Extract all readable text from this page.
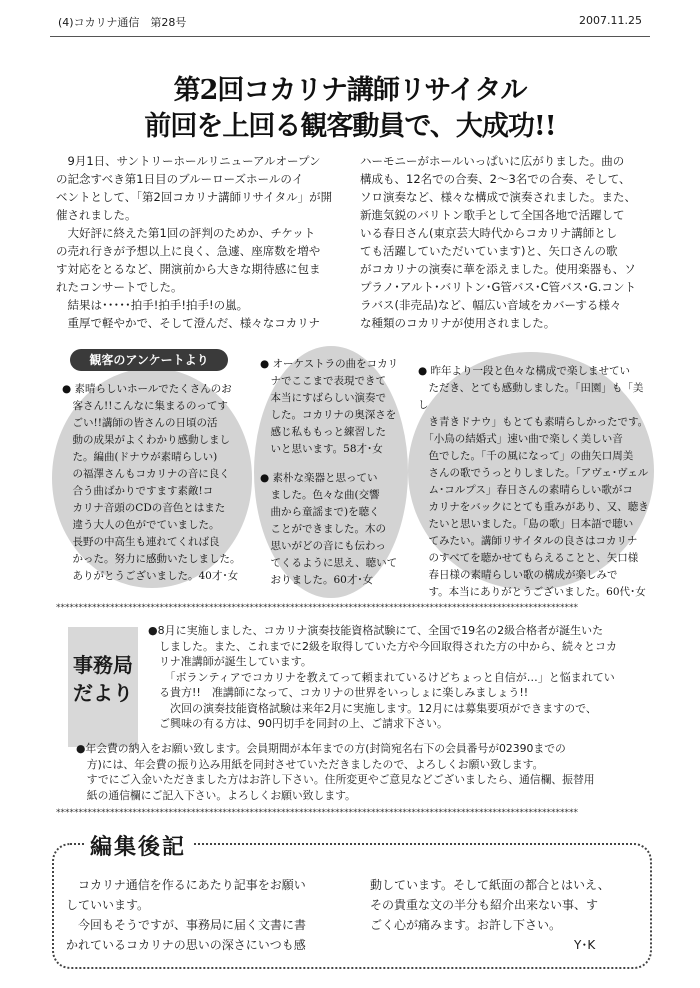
(4)コカリナ通信　第28号	2007.11.25
第2回コカリナ講師リサイタル
前回を上回る観客動員で、大成功!!

　9月1日、サントリーホールリニューアルオープン

の記念すべき第1日目のブルーローズホールのイ

ベントとして、「第2回コカリナ講師リサイタル」が開

催されました。

　大好評に終えた第1回の評判のためか、チケット

の売れ行きが予想以上に良く、急遽、座席数を増や

す対応をとるなど、開演前から大きな期待感に包ま

れたコンサートでした。

　結果は･････拍手!拍手!拍手!の嵐。

　重厚で軽やかで、そして澄んだ、様々なコカリナ

ハーモニーがホールいっぱいに広がりました。曲の

構成も、12名での合奏、2～3名での合奏、そして、

ソロ演奏など、様々な構成で演奏されました。また、

新進気鋭のバリトン歌手として全国各地で活躍して

いる春日さん(東京芸大時代からコカリナ講師とし

ても活躍していただいています)と、矢口さんの歌

がコカリナの演奏に華を添えました。使用楽器も、ソ

プラノ･アルト･バリトン･G管バス･C管バス･G.コント

ラバス(非売品)など、幅広い音域をカバーする様々

な種類のコカリナが使用されました。

観客のアンケートより
● 素晴らしいホールでたくさんのお
　客さん!!こんなに集まるのってす
　ごい!!講師の皆さんの日頃の活
　動の成果がよくわかり感動しまし
　た。編曲(ドナウが素晴らしい)
　の福澤さんもコカリナの音に良く
　合う曲ばかりですます素敵!コ
　カリナ音頭のCDの音色とはまた
　違う大人の色がでていました。
　長野の中高生も連れてくれば良
　かった。努力に感動いたしました。
　ありがとうございました。40才･女
● オーケストラの曲をコカリ
　ナでここまで表現できて
　本当にすばらしい演奏で
　した。コカリナの奥深さを
　感じ私ももっと練習した
　いと思います。58才･女
● 素朴な楽器と思ってい
　ました。色々な曲(交響
　曲から童謡まで)を聴く
　ことができました。木の
　思いがどの音にも伝わっ
　てくるように思え、聴いて
　おりました。60才･女
● 昨年より一段と色々な構成で楽しませてい
　ただき、とても感動しました。「田園」も「美し
　き青きドナウ」もとても素晴らしかったです。
　「小鳥の結婚式」速い曲で楽しく美しい音
　色でした。「千の風になって」の曲矢口周美
　さんの歌でうっとりしました。「アヴェ･ヴェル
　ム･コルプス」春日さんの素晴らしい歌がコ
　カリナをバックにとても重みがあり、又、聴き
　たいと思いました。「島の歌」日本語で聴い
　てみたい。講師リサイタルの良さはコカリナ
　のすべてを聴かせてもらえることと、矢口様
　春日様の素晴らしい歌の構成が楽しみで
　す。本当にありがとうございました。60代･女
********************************************************************************************************************
事務局
だより
●8月に実施しました、コカリナ演奏技能資格試験にて、全国で19名の2級合格者が誕生いた
　しました。また、これまでに2級を取得していた方や今回取得された方の中から、続々とコカ
　リナ准講師が誕生しています。
　　「ボランティアでコカリナを教えてって頼まれているけどちょっと自信が…」と悩まれてい
　る貴方!!　准講師になって、コカリナの世界をいっしょに楽しみましょう!!
　　次回の演奏技能資格試験は来年2月に実施します。12月には募集要項ができますので、
　ご興味の有る方は、90円切手を同封の上、ご請求下さい。
●年会費の納入をお願い致します。会員期間が本年までの方(封筒宛名右下の会員番号が02390までの
　方)には、年会費の振り込み用紙を同封させていただきましたので、よろしくお願い致します。
　すでにご入金いただきました方はお許し下さい。住所変更やご意見などございましたら、通信欄、振替用
　紙の通信欄にご記入下さい。よろしくお願い致します。
********************************************************************************************************************
編集後記
　コカリナ通信を作るにあたり記事をお願い
していいます。
　今回もそうですが、事務局に届く文書に書
かれているコカリナの思いの深さにいつも感
動しています。そして紙面の都合とはいえ、
その貴重な文の半分も紹介出来ない事、す
ごく心が痛みます。お許し下さい。
　　　　　　　　　　　　　　　　　Y･K
